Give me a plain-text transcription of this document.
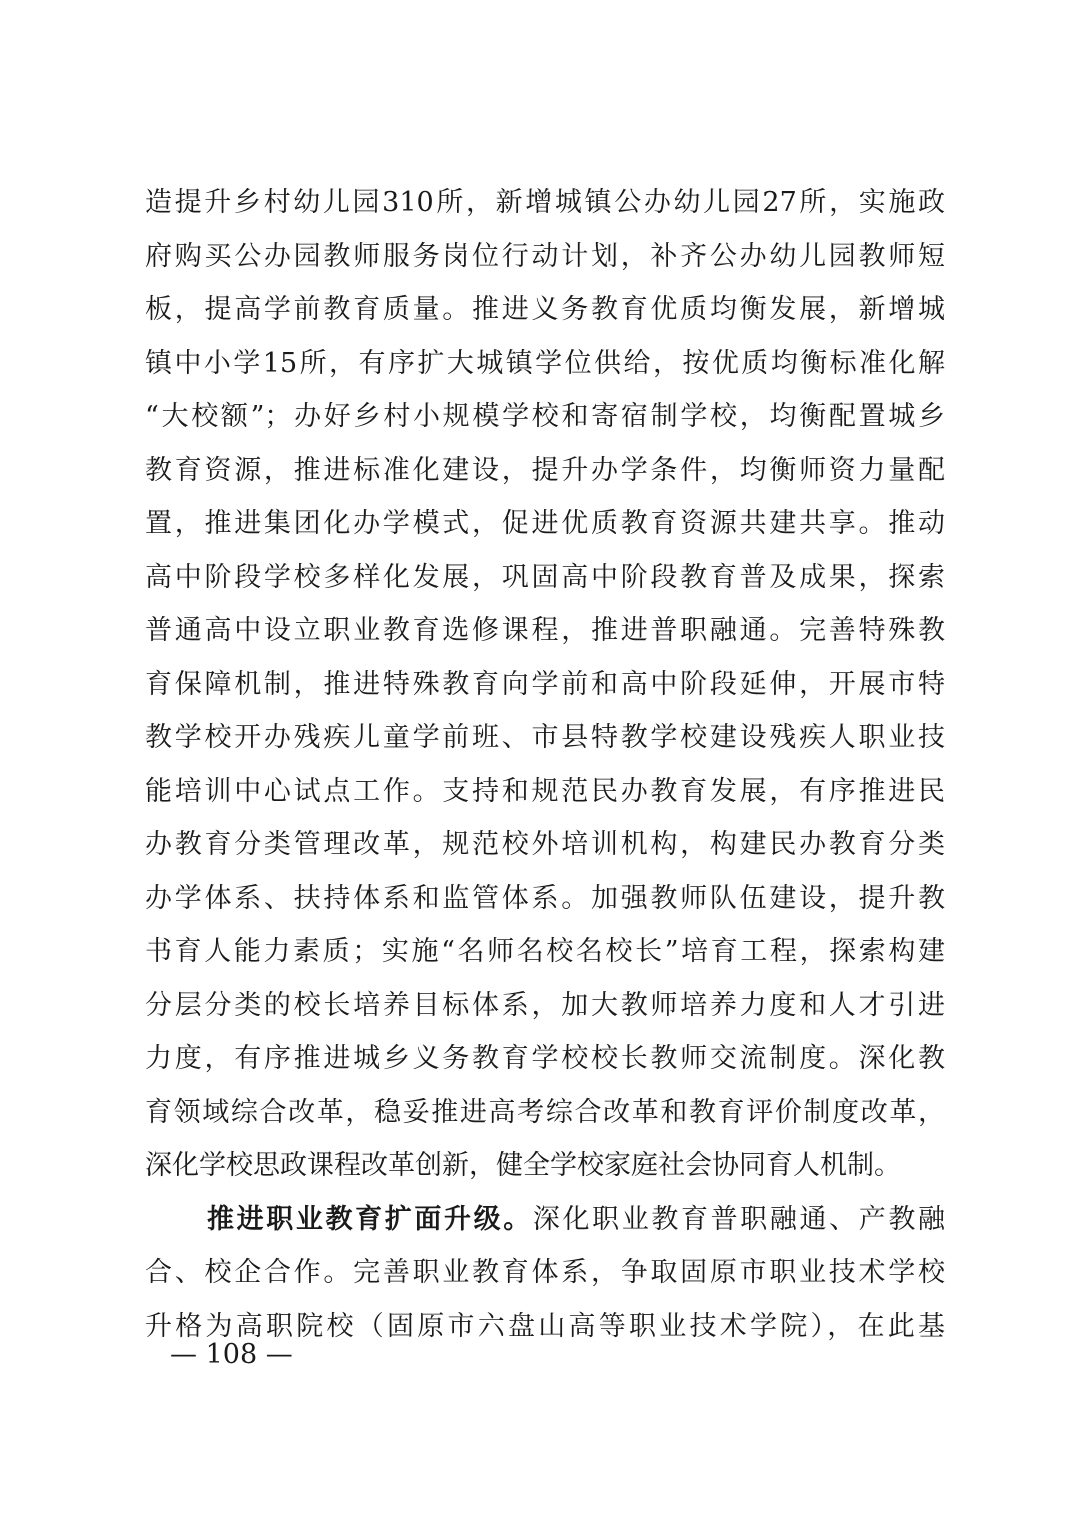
造提升乡村幼儿园310所，新增城镇公办幼儿园27所，实施政
府购买公办园教师服务岗位行动计划，补齐公办幼儿园教师短
板，提高学前教育质量。推进义务教育优质均衡发展，新增城
镇中小学15所，有序扩大城镇学位供给，按优质均衡标准化解
“大校额”；办好乡村小规模学校和寄宿制学校，均衡配置城乡
教育资源，推进标准化建设，提升办学条件，均衡师资力量配
置，推进集团化办学模式，促进优质教育资源共建共享。推动
高中阶段学校多样化发展，巩固高中阶段教育普及成果，探索
普通高中设立职业教育选修课程，推进普职融通。完善特殊教
育保障机制，推进特殊教育向学前和高中阶段延伸，开展市特
教学校开办残疾儿童学前班、市县特教学校建设残疾人职业技
能培训中心试点工作。支持和规范民办教育发展，有序推进民
办教育分类管理改革，规范校外培训机构，构建民办教育分类
办学体系、扶持体系和监管体系。加强教师队伍建设，提升教
书育人能力素质；实施“名师名校名校长”培育工程，探索构建
分层分类的校长培养目标体系，加大教师培养力度和人才引进
力度，有序推进城乡义务教育学校校长教师交流制度。深化教
育领域综合改革，稳妥推进高考综合改革和教育评价制度改革，
深化学校思政课程改革创新，健全学校家庭社会协同育人机制。
推进职业教育扩面升级。深化职业教育普职融通、产教融
合、校企合作。完善职业教育体系，争取固原市职业技术学校
升格为高职院校（固原市六盘山高等职业技术学院），在此基
— 108 —
